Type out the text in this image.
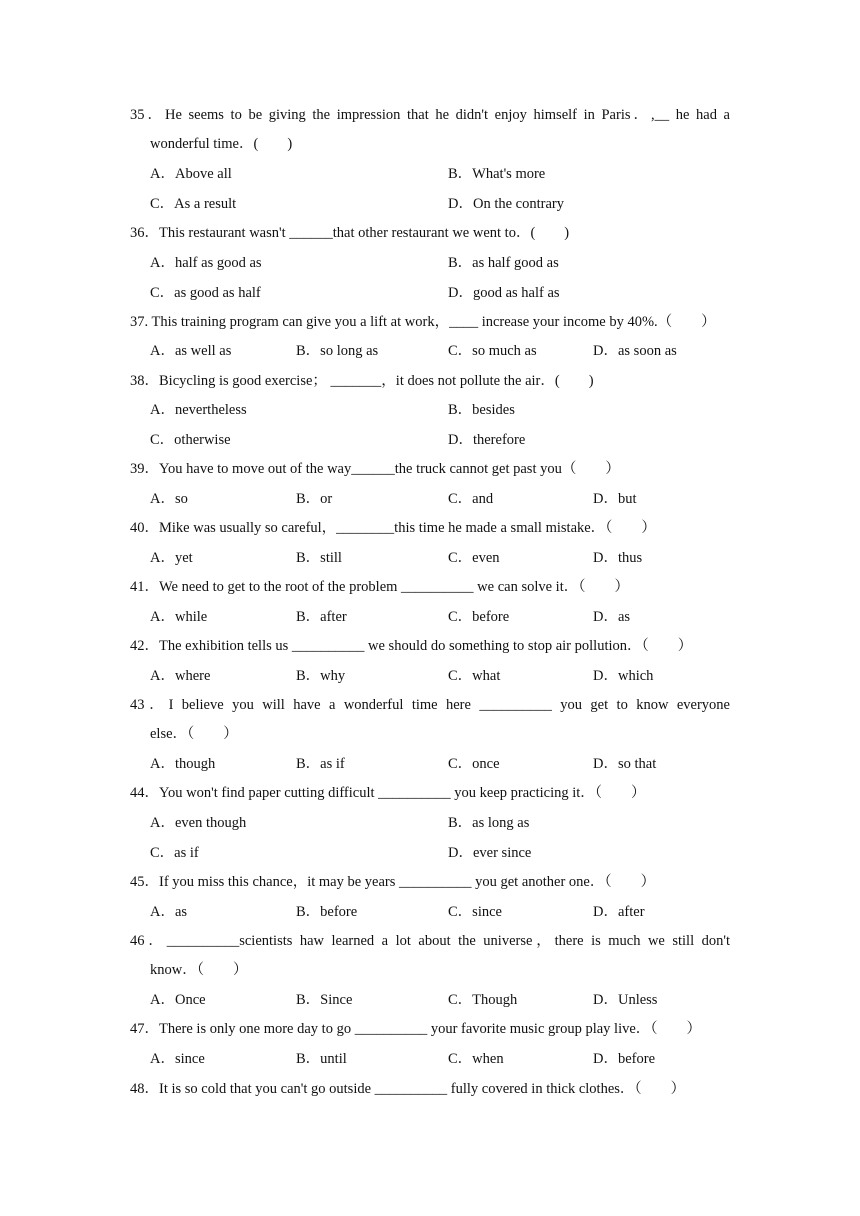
35．He seems to be giving the impression that he didn't enjoy himself in Paris．,__ he had a
wonderful time．(　　)
A．Above all	B．What's more
C．As a result	D．On the contrary
36．This restaurant wasn't ______that other restaurant we went to．(　　)
A．half as good as	B．as half good as
C．as good as half	D．good as half as
37. This training program can give you a lift at work，____ increase your income by 40%.（　　）
A．as well as	B．so long as	C．so much as	D．as soon as
38．Bicycling is good exercise； _______，it does not pollute the air．(　　)
A．nevertheless	B．besides
C．otherwise	D．therefore
39．You have to move out of the way______the truck cannot get past you（　　）
A．so	B．or	C．and	D．but
40．Mike was usually so careful，________this time he made a small mistake．（　　）
A．yet	B．still	C．even	D．thus
41．We need to get to the root of the problem __________ we can solve it．（　　）
A．while	B．after	C．before	D．as
42．The exhibition tells us __________ we should do something to stop air pollution．（　　）
A．where	B．why	C．what	D．which
43．I believe you will have a wonderful time here __________ you get to know everyone
else．（　　）
A．though	B．as if	C．once	D．so that
44．You won't find paper cutting difficult __________ you keep practicing it．（　　）
A．even though	B．as long as
C．as if	D．ever since
45．If you miss this chance，it may be years __________ you get another one．（　　）
A．as	B．before	C．since	D．after
46．__________scientists haw learned a lot about the universe，there is much we still don't
know．（　　）
A．Once	B．Since	C．Though	D．Unless
47．There is only one more day to go __________ your favorite music group play live．（　　）
A．since	B．until	C．when	D．before
48．It is so cold that you can't go outside __________ fully covered in thick clothes．（　　）
